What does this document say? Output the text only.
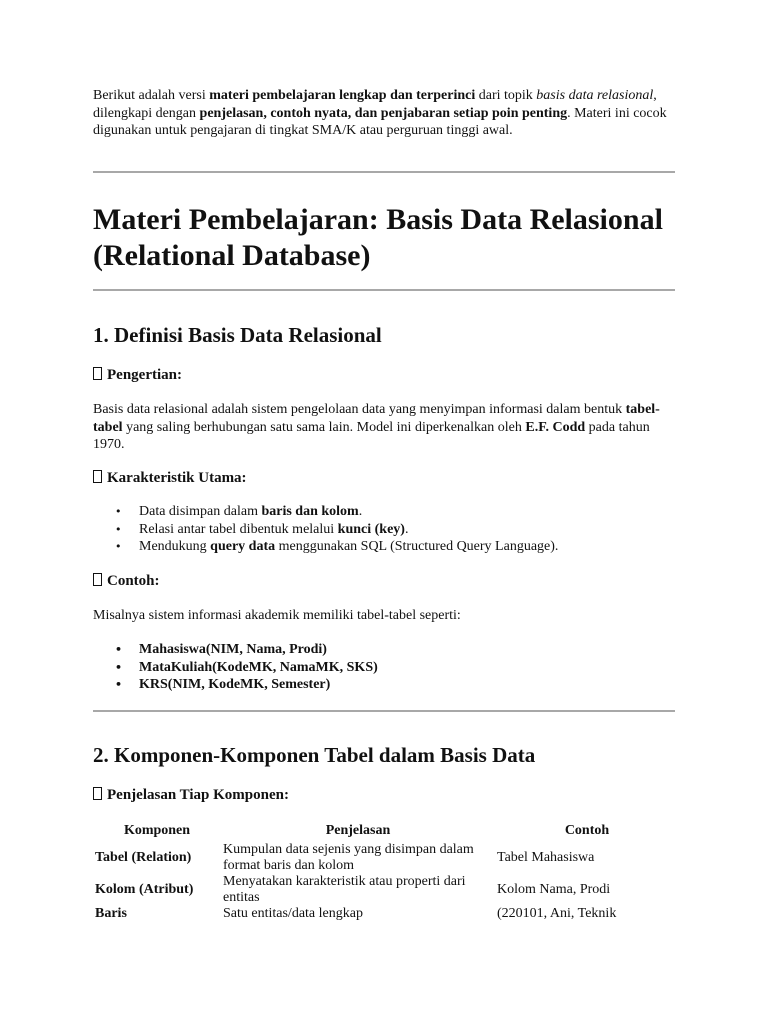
Berikut adalah versi materi pembelajaran lengkap dan terperinci dari topik basis data relasional, dilengkapi dengan penjelasan, contoh nyata, dan penjabaran setiap poin penting. Materi ini cocok digunakan untuk pengajaran di tingkat SMA/K atau perguruan tinggi awal.

Materi Pembelajaran: Basis Data Relasional (Relational Database)
1. Definisi Basis Data Relasional
Pengertian:

Basis data relasional adalah sistem pengelolaan data yang menyimpan informasi dalam bentuk tabel-tabel yang saling berhubungan satu sama lain. Model ini diperkenalkan oleh E.F. Codd pada tahun 1970.

Karakteristik Utama:
• Data disimpan dalam baris dan kolom.
• Relasi antar tabel dibentuk melalui kunci (key).
• Mendukung query data menggunakan SQL (Structured Query Language).
Contoh:

Misalnya sistem informasi akademik memiliki tabel-tabel seperti:

• Mahasiswa(NIM, Nama, Prodi)
• MataKuliah(KodeMK, NamaMK, SKS)
• KRS(NIM, KodeMK, Semester)
2. Komponen-Komponen Tabel dalam Basis Data
Penjelasan Tiap Komponen:
Komponen	Penjelasan	Contoh
Tabel (Relation)	Kumpulan data sejenis yang disimpan dalam format baris dan kolom	Tabel Mahasiswa
Kolom (Atribut)	Menyatakan karakteristik atau properti dari entitas	Kolom Nama, Prodi
Baris	Satu entitas/data lengkap	(220101, Ani, Teknik
